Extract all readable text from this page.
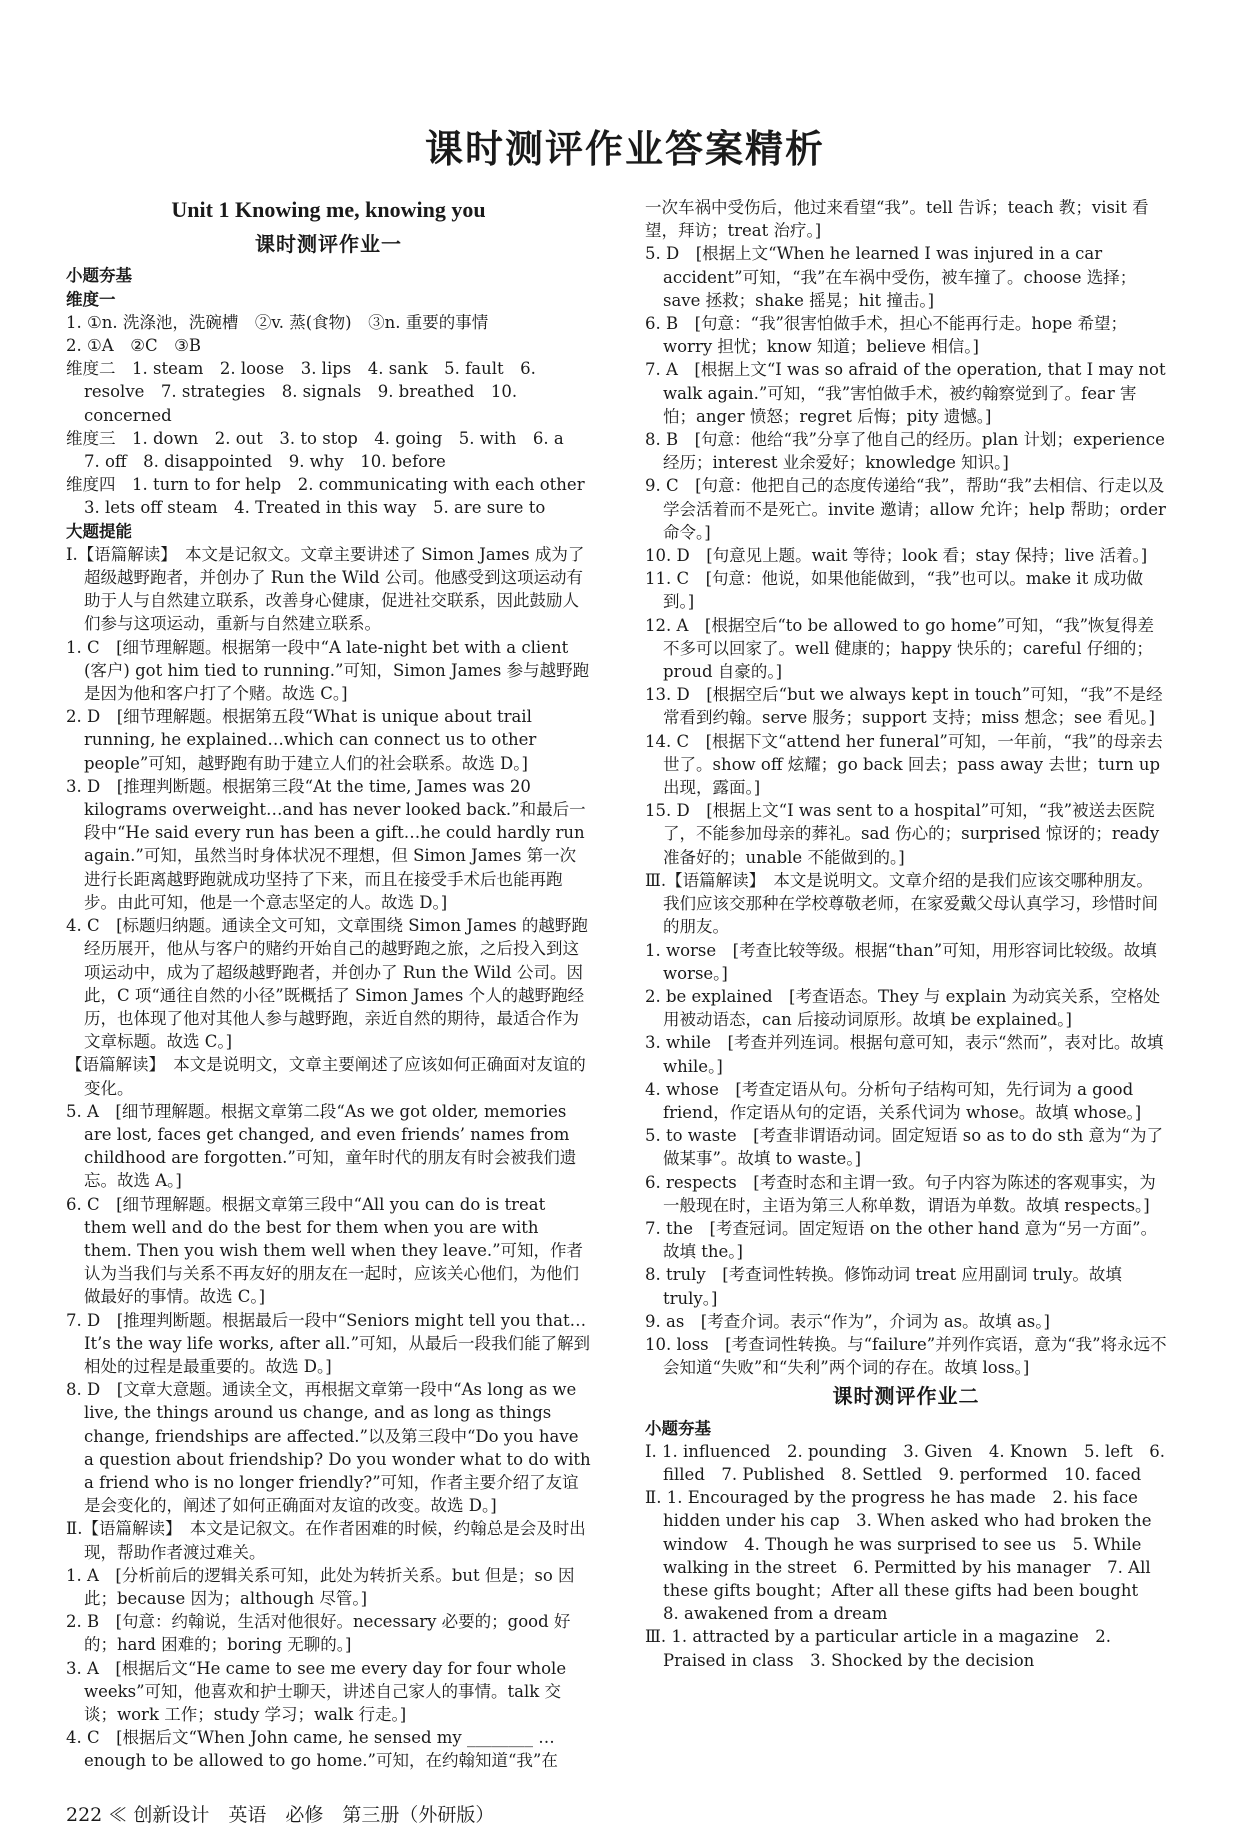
课时测评作业答案精析
Unit 1 Knowing me, knowing you
课时测评作业一
小题夯基
维度一
1. ①n. 洗涤池，洗碗槽　②v. 蒸(食物)　③n. 重要的事情
2. ①A　②C　③B
维度二　1. steam　2. loose　3. lips　4. sank　5. fault　6. resolve　7. strategies　8. signals　9. breathed　10. concerned
维度三　1. down　2. out　3. to stop　4. going　5. with　6. a　7. off　8. disappointed　9. why　10. before
维度四　1. turn to for help　2. communicating with each other　3. lets off steam　4. Treated in this way　5. are sure to
大题提能
Ⅰ.【语篇解读】　本文是记叙文。文章主要讲述了 Simon James 成为了超级越野跑者，并创办了 Run the Wild 公司。他感受到这项运动有助于人与自然建立联系，改善身心健康，促进社交联系，因此鼓励人们参与这项运动，重新与自然建立联系。
1. C　[细节理解题。根据第一段中“A late-night bet with a client (客户) got him tied to running.”可知，Simon James 参与越野跑是因为他和客户打了个赌。故选 C。]
2. D　[细节理解题。根据第五段“What is unique about trail running, he explained…which can connect us to other people”可知，越野跑有助于建立人们的社会联系。故选 D。]
3. D　[推理判断题。根据第三段“At the time, James was 20 kilograms overweight…and has never looked back.”和最后一段中“He said every run has been a gift…he could hardly run again.”可知，虽然当时身体状况不理想，但 Simon James 第一次进行长距离越野跑就成功坚持了下来，而且在接受手术后也能再跑步。由此可知，他是一个意志坚定的人。故选 D。]
4. C　[标题归纳题。通读全文可知，文章围绕 Simon James 的越野跑经历展开，他从与客户的赌约开始自己的越野跑之旅，之后投入到这项运动中，成为了超级越野跑者，并创办了 Run the Wild 公司。因此，C 项“通往自然的小径”既概括了 Simon James 个人的越野跑经历，也体现了他对其他人参与越野跑，亲近自然的期待，最适合作为文章标题。故选 C。]
【语篇解读】　本文是说明文，文章主要阐述了应该如何正确面对友谊的变化。
5. A　[细节理解题。根据文章第二段“As we got older, memories are lost, faces get changed, and even friends’ names from childhood are forgotten.”可知，童年时代的朋友有时会被我们遗忘。故选 A。]
6. C　[细节理解题。根据文章第三段中“All you can do is treat them well and do the best for them when you are with them. Then you wish them well when they leave.”可知，作者认为当我们与关系不再友好的朋友在一起时，应该关心他们，为他们做最好的事情。故选 C。]
7. D　[推理判断题。根据最后一段中“Seniors might tell you that…It’s the way life works, after all.”可知，从最后一段我们能了解到相处的过程是最重要的。故选 D。]
8. D　[文章大意题。通读全文，再根据文章第一段中“As long as we live, the things around us change, and as long as things change, friendships are affected.”以及第三段中“Do you have a question about friendship? Do you wonder what to do with a friend who is no longer friendly?”可知，作者主要介绍了友谊是会变化的，阐述了如何正确面对友谊的改变。故选 D。]
Ⅱ.【语篇解读】　本文是记叙文。在作者困难的时候，约翰总是会及时出现，帮助作者渡过难关。
1. A　[分析前后的逻辑关系可知，此处为转折关系。but 但是；so 因此；because 因为；although 尽管。]
2. B　[句意：约翰说，生活对他很好。necessary 必要的；good 好的；hard 困难的；boring 无聊的。]
3. A　[根据后文“He came to see me every day for four whole weeks”可知，他喜欢和护士聊天，讲述自己家人的事情。talk 交谈；work 工作；study 学习；walk 行走。]
4. C　[根据后文“When John came, he sensed my ________ … enough to be allowed to go home.”可知，在约翰知道“我”在
一次车祸中受伤后，他过来看望“我”。tell 告诉；teach 教；visit 看望，拜访；treat 治疗。]
5. D　[根据上文“When he learned I was injured in a car accident”可知，“我”在车祸中受伤，被车撞了。choose 选择；save 拯救；shake 摇晃；hit 撞击。]
6. B　[句意：“我”很害怕做手术，担心不能再行走。hope 希望；worry 担忧；know 知道；believe 相信。]
7. A　[根据上文“I was so afraid of the operation, that I may not walk again.”可知，“我”害怕做手术，被约翰察觉到了。fear 害怕；anger 愤怒；regret 后悔；pity 遗憾。]
8. B　[句意：他给“我”分享了他自己的经历。plan 计划；experience 经历；interest 业余爱好；knowledge 知识。]
9. C　[句意：他把自己的态度传递给“我”，帮助“我”去相信、行走以及学会活着而不是死亡。invite 邀请；allow 允许；help 帮助；order 命令。]
10. D　[句意见上题。wait 等待；look 看；stay 保持；live 活着。]
11. C　[句意：他说，如果他能做到，“我”也可以。make it 成功做到。]
12. A　[根据空后“to be allowed to go home”可知，“我”恢复得差不多可以回家了。well 健康的；happy 快乐的；careful 仔细的；proud 自豪的。]
13. D　[根据空后“but we always kept in touch”可知，“我”不是经常看到约翰。serve 服务；support 支持；miss 想念；see 看见。]
14. C　[根据下文“attend her funeral”可知，一年前，“我”的母亲去世了。show off 炫耀；go back 回去；pass away 去世；turn up 出现，露面。]
15. D　[根据上文“I was sent to a hospital”可知，“我”被送去医院了，不能参加母亲的葬礼。sad 伤心的；surprised 惊讶的；ready 准备好的；unable 不能做到的。]
Ⅲ.【语篇解读】　本文是说明文。文章介绍的是我们应该交哪种朋友。我们应该交那种在学校尊敬老师，在家爱戴父母认真学习，珍惜时间的朋友。
1. worse　[考查比较等级。根据“than”可知，用形容词比较级。故填 worse。]
2. be explained　[考查语态。They 与 explain 为动宾关系，空格处用被动语态，can 后接动词原形。故填 be explained。]
3. while　[考查并列连词。根据句意可知，表示“然而”，表对比。故填 while。]
4. whose　[考查定语从句。分析句子结构可知，先行词为 a good friend，作定语从句的定语，关系代词为 whose。故填 whose。]
5. to waste　[考查非谓语动词。固定短语 so as to do sth 意为“为了做某事”。故填 to waste。]
6. respects　[考查时态和主谓一致。句子内容为陈述的客观事实，为一般现在时，主语为第三人称单数，谓语为单数。故填 respects。]
7. the　[考查冠词。固定短语 on the other hand 意为“另一方面”。故填 the。]
8. truly　[考查词性转换。修饰动词 treat 应用副词 truly。故填 truly。]
9. as　[考查介词。表示“作为”，介词为 as。故填 as。]
10. loss　[考查词性转换。与“failure”并列作宾语，意为“我”将永远不会知道“失败”和“失利”两个词的存在。故填 loss。]
课时测评作业二
小题夯基
Ⅰ. 1. influenced　2. pounding　3. Given　4. Known　5. left　6. filled　7. Published　8. Settled　9. performed　10. faced
Ⅱ. 1. Encouraged by the progress he has made　2. his face hidden under his cap　3. When asked who had broken the window　4. Though he was surprised to see us　5. While walking in the street　6. Permitted by his manager　7. All these gifts bought；After all these gifts had been bought　8. awakened from a dream
Ⅲ. 1. attracted by a particular article in a magazine　2. Praised in class　3. Shocked by the decision
222 ≪ 创新设计　英语　必修　第三册（外研版）
